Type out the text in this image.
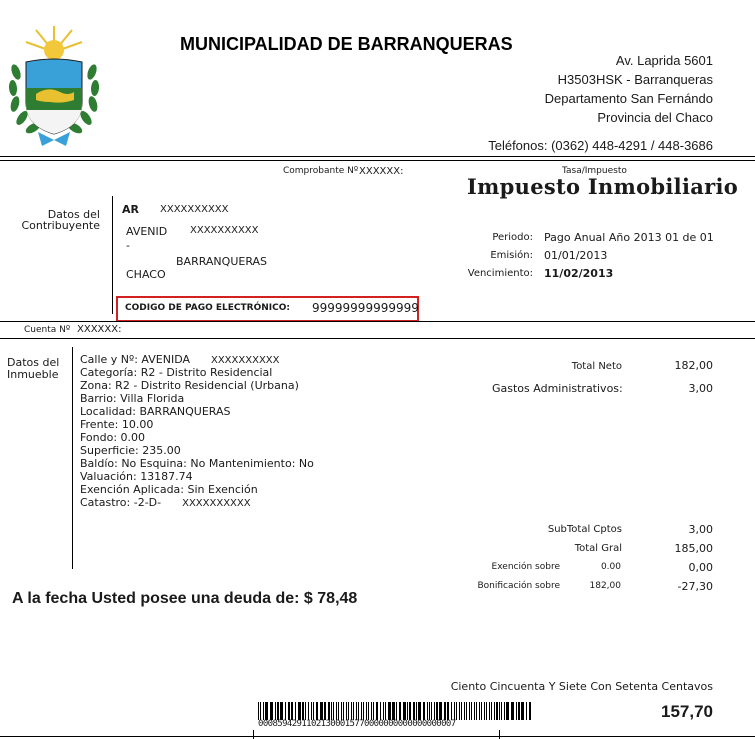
MUNICIPALIDAD DE BARRANQUERAS
Av. Laprida 5601
H3503HSK - Barranqueras
Departamento San Fernándo
Provincia del Chaco
Teléfonos: (0362) 448-4291 / 448-3686
Comprobante Nº XXXXXX:	Tasa/Impuesto
Impuesto Inmobiliario
Datos del
Contribuyente
AR XXXXXXXXXX
AVENID XXXXXXXXXX
-
BARRANQUERAS
CHACO
Periodo: Pago Anual Año 2013 01 de 01
Emisión: 01/01/2013
Vencimiento: 11/02/2013
CODIGO DE PAGO ELECTRÓNICO: 99999999999999
Cuenta Nº XXXXXX:
Datos del
Inmueble
Calle y Nº: AVENIDA XXXXXXXXXX
Categoría: R2 - Distrito Residencial
Zona: R2 - Distrito Residencial (Urbana)
Barrio: Villa Florida
Localidad: BARRANQUERAS
Frente: 10.00
Fondo: 0.00
Superficie: 235.00
Baldío: No Esquina: No Mantenimiento: No
Valuación: 13187.74
Exención Aplicada: Sin Exención
Catastro: -2-D- XXXXXXXXXX
Total Neto	182,00
Gastos Administrativos:	3,00
SubTotal Cptos	3,00
Total Gral	185,00
Exención sobre	0.00	0,00
Bonificación sobre	182,00	-27,30
A la fecha Usted posee una deuda de: $ 78,48
Ciento Cincuenta Y Siete Con Setenta Centavos
00085942911021300015770000000000000000007
157,70
